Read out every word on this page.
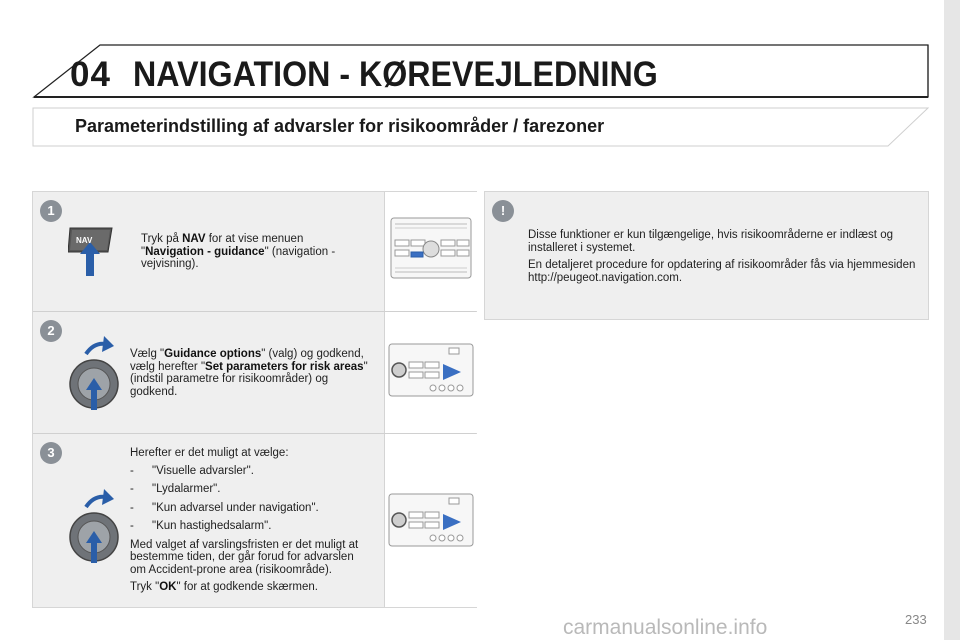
04 NAVIGATION - KØREVEJLEDNING
Parameterindstilling af advarsler for risikoområder / farezoner
1
NAV	Tryk på NAV for at vise menuen "Navigation - guidance" (navigation - vejvisning).
2
Vælg "Guidance options" (valg) og godkend, vælg herefter "Set parameters for risk areas" (indstil parametre for risikoområder) og godkend.
3	Herefter er det muligt at vælge:

- "Visuelle advarsler".
- "Lydalarmer".
- "Kun advarsel under navigation".
- "Kun hastighedsalarm".

Med valget af varslingsfristen er det muligt at bestemme tiden, der går forud for advarslen om Accident-prone area (risikoområde).

Tryk "OK" for at godkende skærmen.

!

Disse funktioner er kun tilgængelige, hvis risikoområderne er indlæst og installeret i systemet.

En detaljeret procedure for opdatering af risikoområder fås via hjemmesiden http://peugeot.navigation.com.

carmanualsonline.info	233
